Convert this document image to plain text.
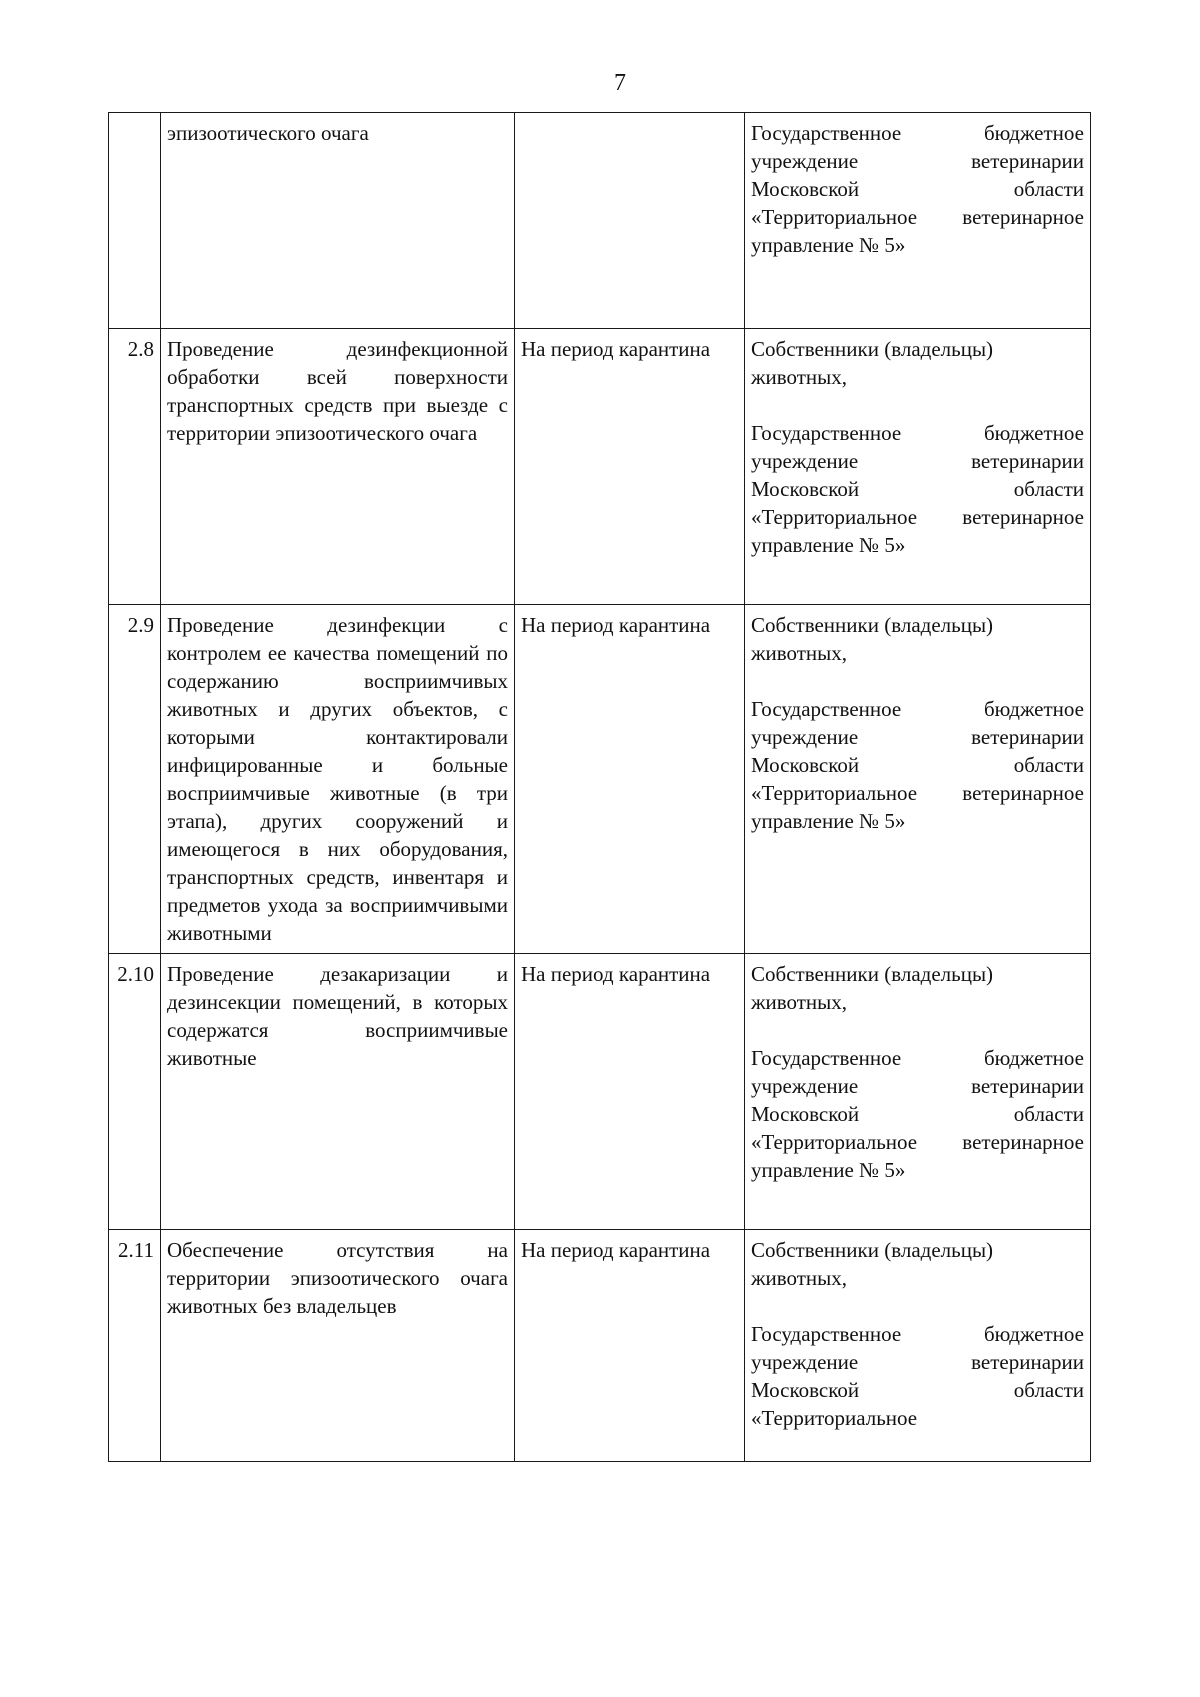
7
	эпизоотического очага		Государственное бюджетное учреждение ветеринарии Московской области «Территориальное ветеринарное управление № 5»

2.8	Проведение дезинфекционной обработки всей поверхности транспортных средств при выезде с территории эпизоотического очага	На период карантина	Собственники (владельцы) животных,

Государственное бюджетное учреждение ветеринарии Московской области «Территориальное ветеринарное управление № 5»

2.9	Проведение дезинфекции с контролем ее качества помещений по содержанию восприимчивых животных и других объектов, с которыми контактировали инфицированные и больные восприимчивые животные (в три этапа), других сооружений и имеющегося в них оборудования, транспортных средств, инвентаря и предметов ухода за восприимчивыми животными	На период карантина	Собственники (владельцы) животных,

Государственное бюджетное учреждение ветеринарии Московской области «Территориальное ветеринарное управление № 5»

2.10	Проведение дезакаризации и дезинсекции помещений, в которых содержатся восприимчивые животные	На период карантина	Собственники (владельцы) животных,

Государственное бюджетное учреждение ветеринарии Московской области «Территориальное ветеринарное управление № 5»

2.11	Обеспечение отсутствия на территории эпизоотического очага животных без владельцев	На период карантина	Собственники (владельцы) животных,

Государственное бюджетное учреждение ветеринарии Московской области «Территориальное
